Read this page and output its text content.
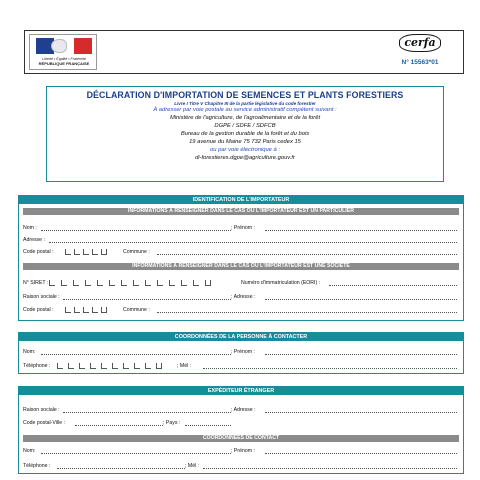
Liberté • Égalité • Fraternité
RÉPUBLIQUE FRANÇAISE
cerfa
N° 15563*01
DÉCLARATION D'IMPORTATION DE SEMENCES ET PLANTS FORESTIERS
Livre I Titre V Chapitre III de la partie législative du code forestier
À adresser par voie postale au service administratif compétent suivant :
Ministère de l'agriculture, de l'agroalimentaire et de la forêt
DGPE / SDFE / SDFCB
Bureau de la gestion durable de la forêt et du bois
19 avenue du Maine 75 732 Paris cedex 15
ou par voie électronique à :
di-forestieres.dgpe@agriculture.gouv.fr
IDENTIFICATION DE L'IMPORTATEUR
INFORMATIONS À RENSEIGNER DANS LE CAS OÙ L'IMPORTATEUR EST UN PARTICULIER
Nom :	; Prénom :
Adresse :
Code postal :	Commune :
INFORMATIONS À RENSEIGNER DANS LE CAS OÙ L'IMPORTATEUR EST UNE SOCIÉTÉ
N° SIRET :	Numéro d'immatriculation (EORI) :
Raison sociale :	; Adresse :
Code postal :	Commune :
COORDONNÉES DE LA PERSONNE À CONTACTER
Nom:	; Prénom :
Téléphone :	; Mél :
EXPÉDITEUR ÉTRANGER
Raison sociale :	; Adresse :
Code postal-Ville :	; Pays :
COORDONNÉES DE CONTACT
Nom:	; Prénom :
Téléphone :	; Mél :
